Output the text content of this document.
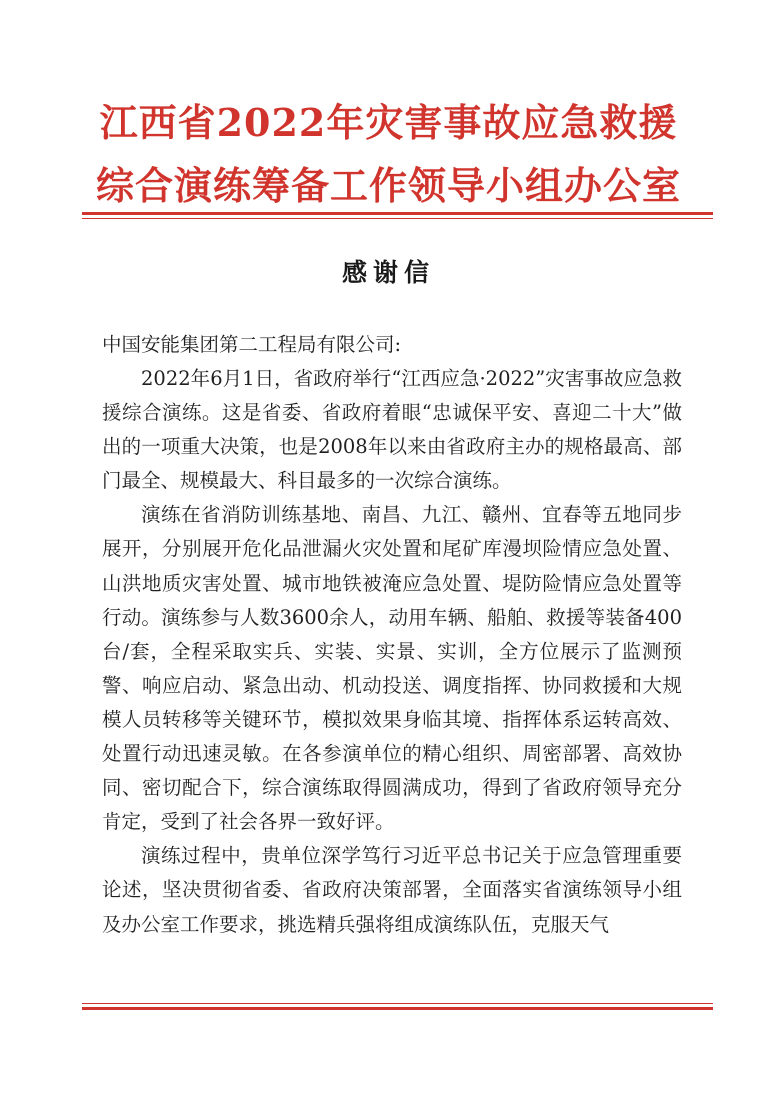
江西省2022年灾害事故应急救援
综合演练筹备工作领导小组办公室
感谢信
中国安能集团第二工程局有限公司:

2022年6月1日，省政府举行“江西应急·2022”灾害事故应急救援综合演练。这是省委、省政府着眼“忠诚保平安、喜迎二十大”做出的一项重大决策，也是2008年以来由省政府主办的规格最高、部门最全、规模最大、科目最多的一次综合演练。

演练在省消防训练基地、南昌、九江、赣州、宜春等五地同步展开，分别展开危化品泄漏火灾处置和尾矿库漫坝险情应急处置、山洪地质灾害处置、城市地铁被淹应急处置、堤防险情应急处置等行动。演练参与人数3600余人，动用车辆、船舶、救援等装备400台/套，全程采取实兵、实装、实景、实训，全方位展示了监测预警、响应启动、紧急出动、机动投送、调度指挥、协同救援和大规模人员转移等关键环节，模拟效果身临其境、指挥体系运转高效、处置行动迅速灵敏。在各参演单位的精心组织、周密部署、高效协同、密切配合下，综合演练取得圆满成功，得到了省政府领导充分肯定，受到了社会各界一致好评。

演练过程中，贵单位深学笃行习近平总书记关于应急管理重要论述，坚决贯彻省委、省政府决策部署，全面落实省演练领导小组及办公室工作要求，挑选精兵强将组成演练队伍，克服天气
